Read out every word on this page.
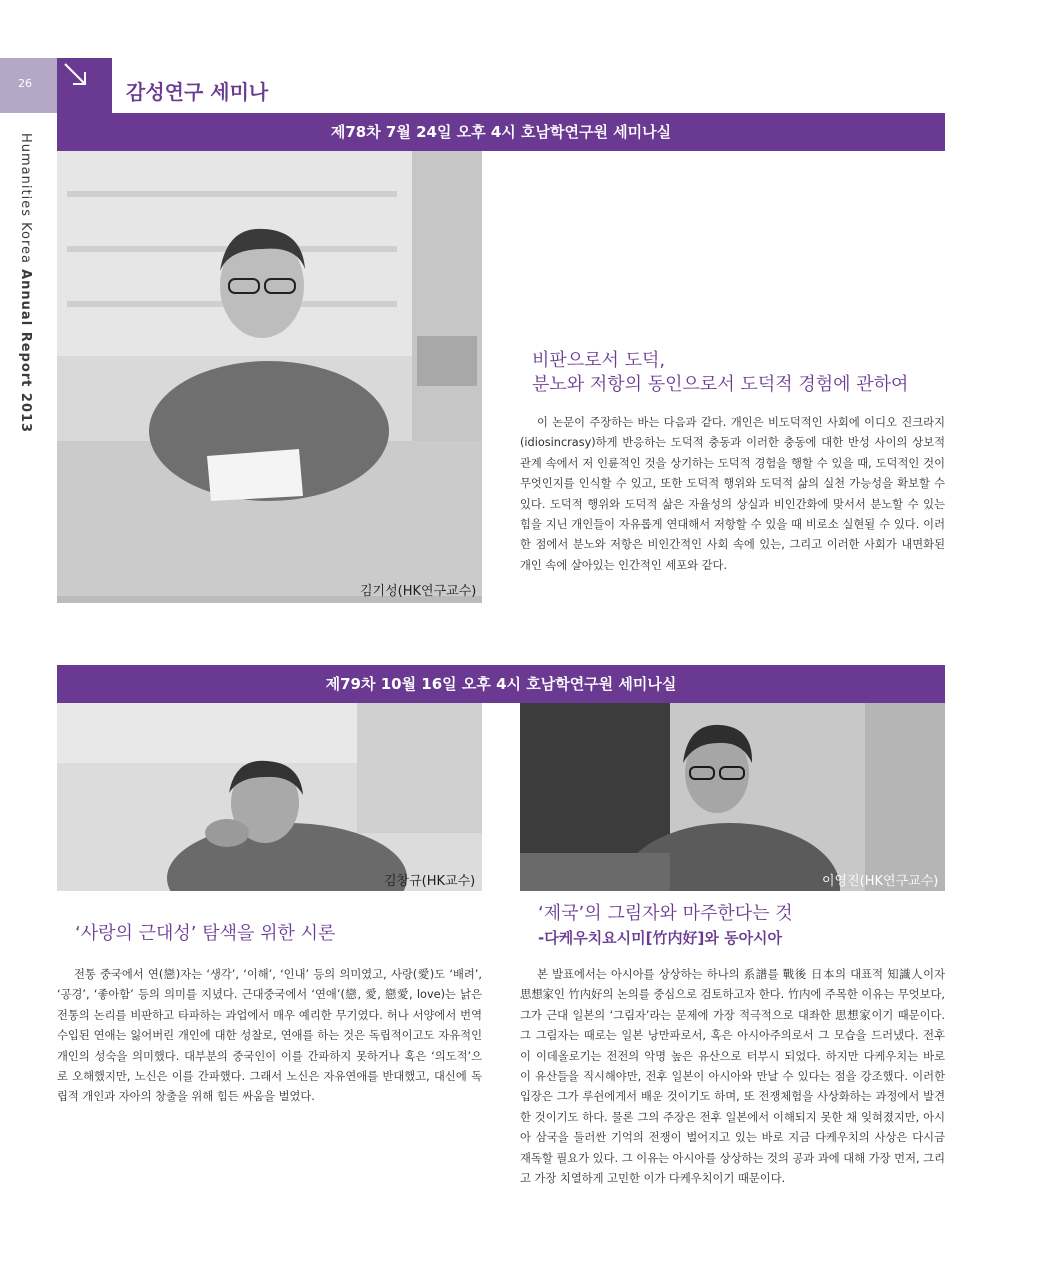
26	감성연구 세미나
Humanities Korea Annual Report 2013
제78차 7월 24일 오후 4시 호남학연구원 세미나실
김기성(HK연구교수)
비판으로서 도덕,
분노와 저항의 동인으로서 도덕적 경험에 관하여

이 논문이 주장하는 바는 다음과 같다. 개인은 비도덕적인 사회에 이디오 진크라지(idiosincrasy)하게 반응하는 도덕적 충동과 이러한 충동에 대한 반성 사이의 상보적 관계 속에서 저 인륜적인 것을 상기하는 도덕적 경험을 행할 수 있을 때, 도덕적인 것이 무엇인지를 인식할 수 있고, 또한 도덕적 행위와 도덕적 삶의 실천 가능성을 확보할 수 있다. 도덕적 행위와 도덕적 삶은 자율성의 상실과 비인간화에 맞서서 분노할 수 있는 힘을 지닌 개인들이 자유롭게 연대해서 저항할 수 있을 때 비로소 실현될 수 있다. 이러한 점에서 분노와 저항은 비인간적인 사회 속에 있는, 그리고 이러한 사회가 내면화된 개인 속에 살아있는 인간적인 세포와 같다.

제79차 10월 16일 오후 4시 호남학연구원 세미나실
김창규(HK교수)	이영진(HK연구교수)
‘사랑의 근대성’ 탐색을 위한 시론

전통 중국에서 연(戀)자는 ‘생각’, ‘이해’, ‘인내’ 등의 의미였고, 사랑(愛)도 ‘배려’, ‘공경’, ‘좋아함’ 등의 의미를 지녔다. 근대중국에서 ‘연애’(戀, 愛, 戀愛, love)는 낡은 전통의 논리를 비판하고 타파하는 과업에서 매우 예리한 무기였다. 허나 서양에서 번역 수입된 연애는 잃어버린 개인에 대한 성찰로, 연애를 하는 것은 독립적이고도 자유적인 개인의 성숙을 의미했다. 대부분의 중국인이 이를 간파하지 못하거나 혹은 ‘의도적’으로 오해했지만, 노신은 이를 간파했다. 그래서 노신은 자유연애를 반대했고, 대신에 독립적 개인과 자아의 창출을 위해 힘든 싸움을 벌였다.

‘제국’의 그림자와 마주한다는 것
-다케우치요시미[竹内好]와 동아시아

본 발표에서는 아시아를 상상하는 하나의 系譜를 戰後 日本의 대표적 知識人이자 思想家인 竹内好의 논의를 중심으로 검토하고자 한다. 竹内에 주목한 이유는 무엇보다, 그가 근대 일본의 ‘그림자’라는 문제에 가장 적극적으로 대좌한 思想家이기 때문이다. 그 그림자는 때로는 일본 낭만파로서, 혹은 아시아주의로서 그 모습을 드러냈다. 전후 이 이데올로기는 전전의 악명 높은 유산으로 터부시 되었다. 하지만 다케우치는 바로 이 유산들을 직시해야만, 전후 일본이 아시아와 만날 수 있다는 점을 강조했다. 이러한 입장은 그가 루쉰에게서 배운 것이기도 하며, 또 전쟁체험을 사상화하는 과정에서 발견한 것이기도 하다. 물론 그의 주장은 전후 일본에서 이해되지 못한 채 잊혀졌지만, 아시아 삼국을 둘러싼 기억의 전쟁이 벌어지고 있는 바로 지금 다케우치의 사상은 다시금 재독할 필요가 있다. 그 이유는 아시아를 상상하는 것의 공과 과에 대해 가장 먼저, 그리고 가장 치열하게 고민한 이가 다케우치이기 때문이다.
